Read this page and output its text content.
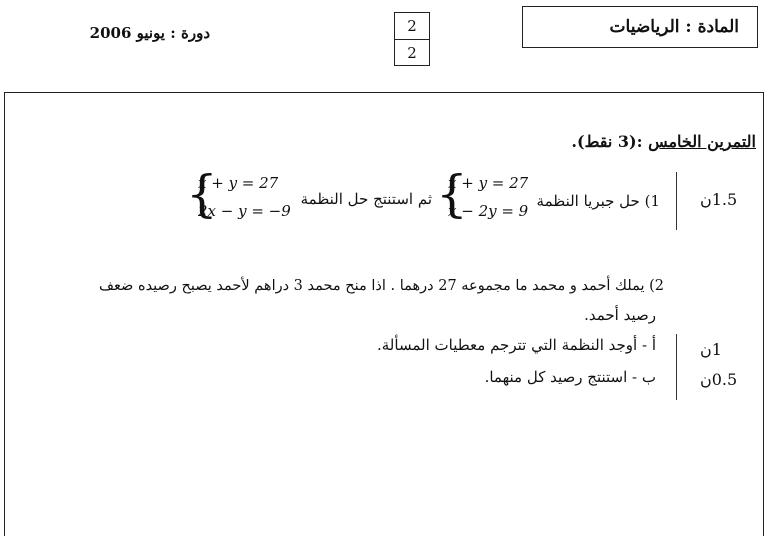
المادة : الرياضيات
2
2
دورة : يونيو 2006
التمرين الخامس :(3 نقط).
1.5ن
1) حل جبريا النظمة
{
x + y = 27
x − 2y = 9
ثم استنتج حل النظمة
{
x + y = 27
2x − y = −9
2) يملك أحمد و محمد ما مجموعه 27 درهما . اذا منح محمد 3 دراهم لأحمد يصبح رصيده ضعف
رصيد أحمد.
1ن
أ - أوجد النظمة التي تترجم معطيات المسألة.
0.5ن
ب - استنتج رصيد كل منهما.
